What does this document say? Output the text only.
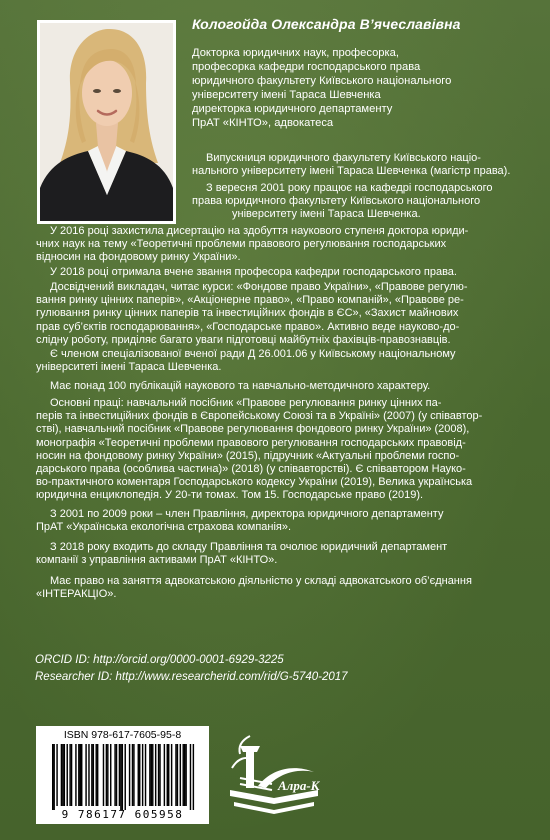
Кологойда Олександра В’ячеславівна
Докторка юридичних наук, професорка,
професорка кафедри господарського права
юридичного факультету Київського національного
університету імені Тараса Шевченка
директорка юридичного департаменту
ПрАТ «КІНТО», адвокатеса
Випускниця юридичного факультету Київського націо-
нального університету імені Тараса Шевченка (магістр права).
З вересня 2001 року працює на кафедрі господарського
права юридичного факультету Київського національного
університету імені Тараса Шевченка.
У 2016 році захистила дисертацію на здобуття наукового ступеня доктора юриди-
чних наук на тему «Теоретичні проблеми правового регулювання господарських
відносин на фондовому ринку України».
У 2018 році отримала вчене звання професора кафедри господарського права.
Досвідчений викладач, читає курси: «Фондове право України», «Правове регулю-
вання ринку цінних паперів», «Акціонерне право», «Право компаній», «Правове ре-
гулювання ринку цінних паперів та інвестиційних фондів в ЄС», «Захист майнових
прав суб’єктів господарювання», «Господарське право». Активно веде науково-до-
слідну роботу, приділяє багато уваги підготовці майбутніх фахівців-правознавців.
Є членом спеціалізованої вченої ради Д 26.001.06 у Київському національному
університеті імені Тараса Шевченка.
Має понад 100 публікацій наукового та навчально-методичного характеру.
Основні праці: навчальний посібник «Правове регулювання ринку цінних па-
перів та інвестиційних фондів в Європейському Союзі та в Україні» (2007) (у співавтор-
стві), навчальний посібник «Правове регулювання фондового ринку України» (2008),
монографія «Теоретичні проблеми правового регулювання господарських правовід-
носин на фондовому ринку України» (2015), підручник «Актуальні проблеми госпо-
дарського права (особлива частина)» (2018) (у співавторстві). Є співавтором Науко-
во-практичного коментаря Господарського кодексу України (2019), Велика українська
юридична енциклопедія. У 20-ти томах. Том 15. Господарське право (2019).
З 2001 по 2009 роки – член Правління, директора юридичного департаменту
ПрАТ «Українська екологічна страхова компанія».
З 2018 року входить до складу Правління та очолює юридичний департамент
компанії з управління активами ПрАТ «КІНТО».
Має право на заняття адвокатською діяльністю у складі адвокатського об’єднання
«ІНТЕРАКЦІО».
ORCID ID: http://orcid.org/0000-0001-6929-3225
Researcher ID: http://www.researcherid.com/rid/G-5740-2017
ISBN 978-617-7605-95-8
9 786177 605958
Алра-К
